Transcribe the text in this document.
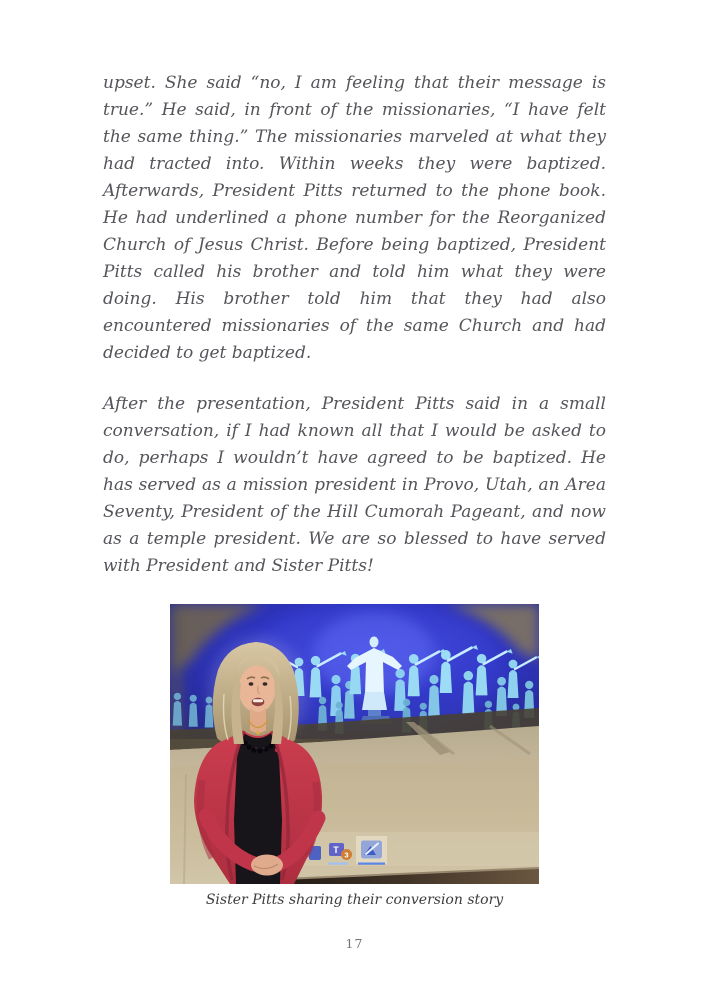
upset. She said “no, I am feeling that their message is true.” He said, in front of the missionaries, “I have felt the same thing.” The missionaries marveled at what they had tracted into. Within weeks they were baptized. Afterwards, President Pitts returned to the phone book. He had underlined a phone number for the Reorganized Church of Jesus Christ. Before being baptized, President Pitts called his brother and told him what they were doing. His brother told him that they had also encountered missionaries of the same Church and had decided to get baptized.

After the presentation, President Pitts said in a small conversation, if I had known all that I would be asked to do, perhaps I wouldn’t have agreed to be baptized. He has served as a mission president in Provo, Utah, an Area Seventy, President of the Hill Cumorah Pageant, and now as a temple president. We are so blessed to have served with President and Sister Pitts!

T 3
Sister Pitts sharing their conversion story
17
